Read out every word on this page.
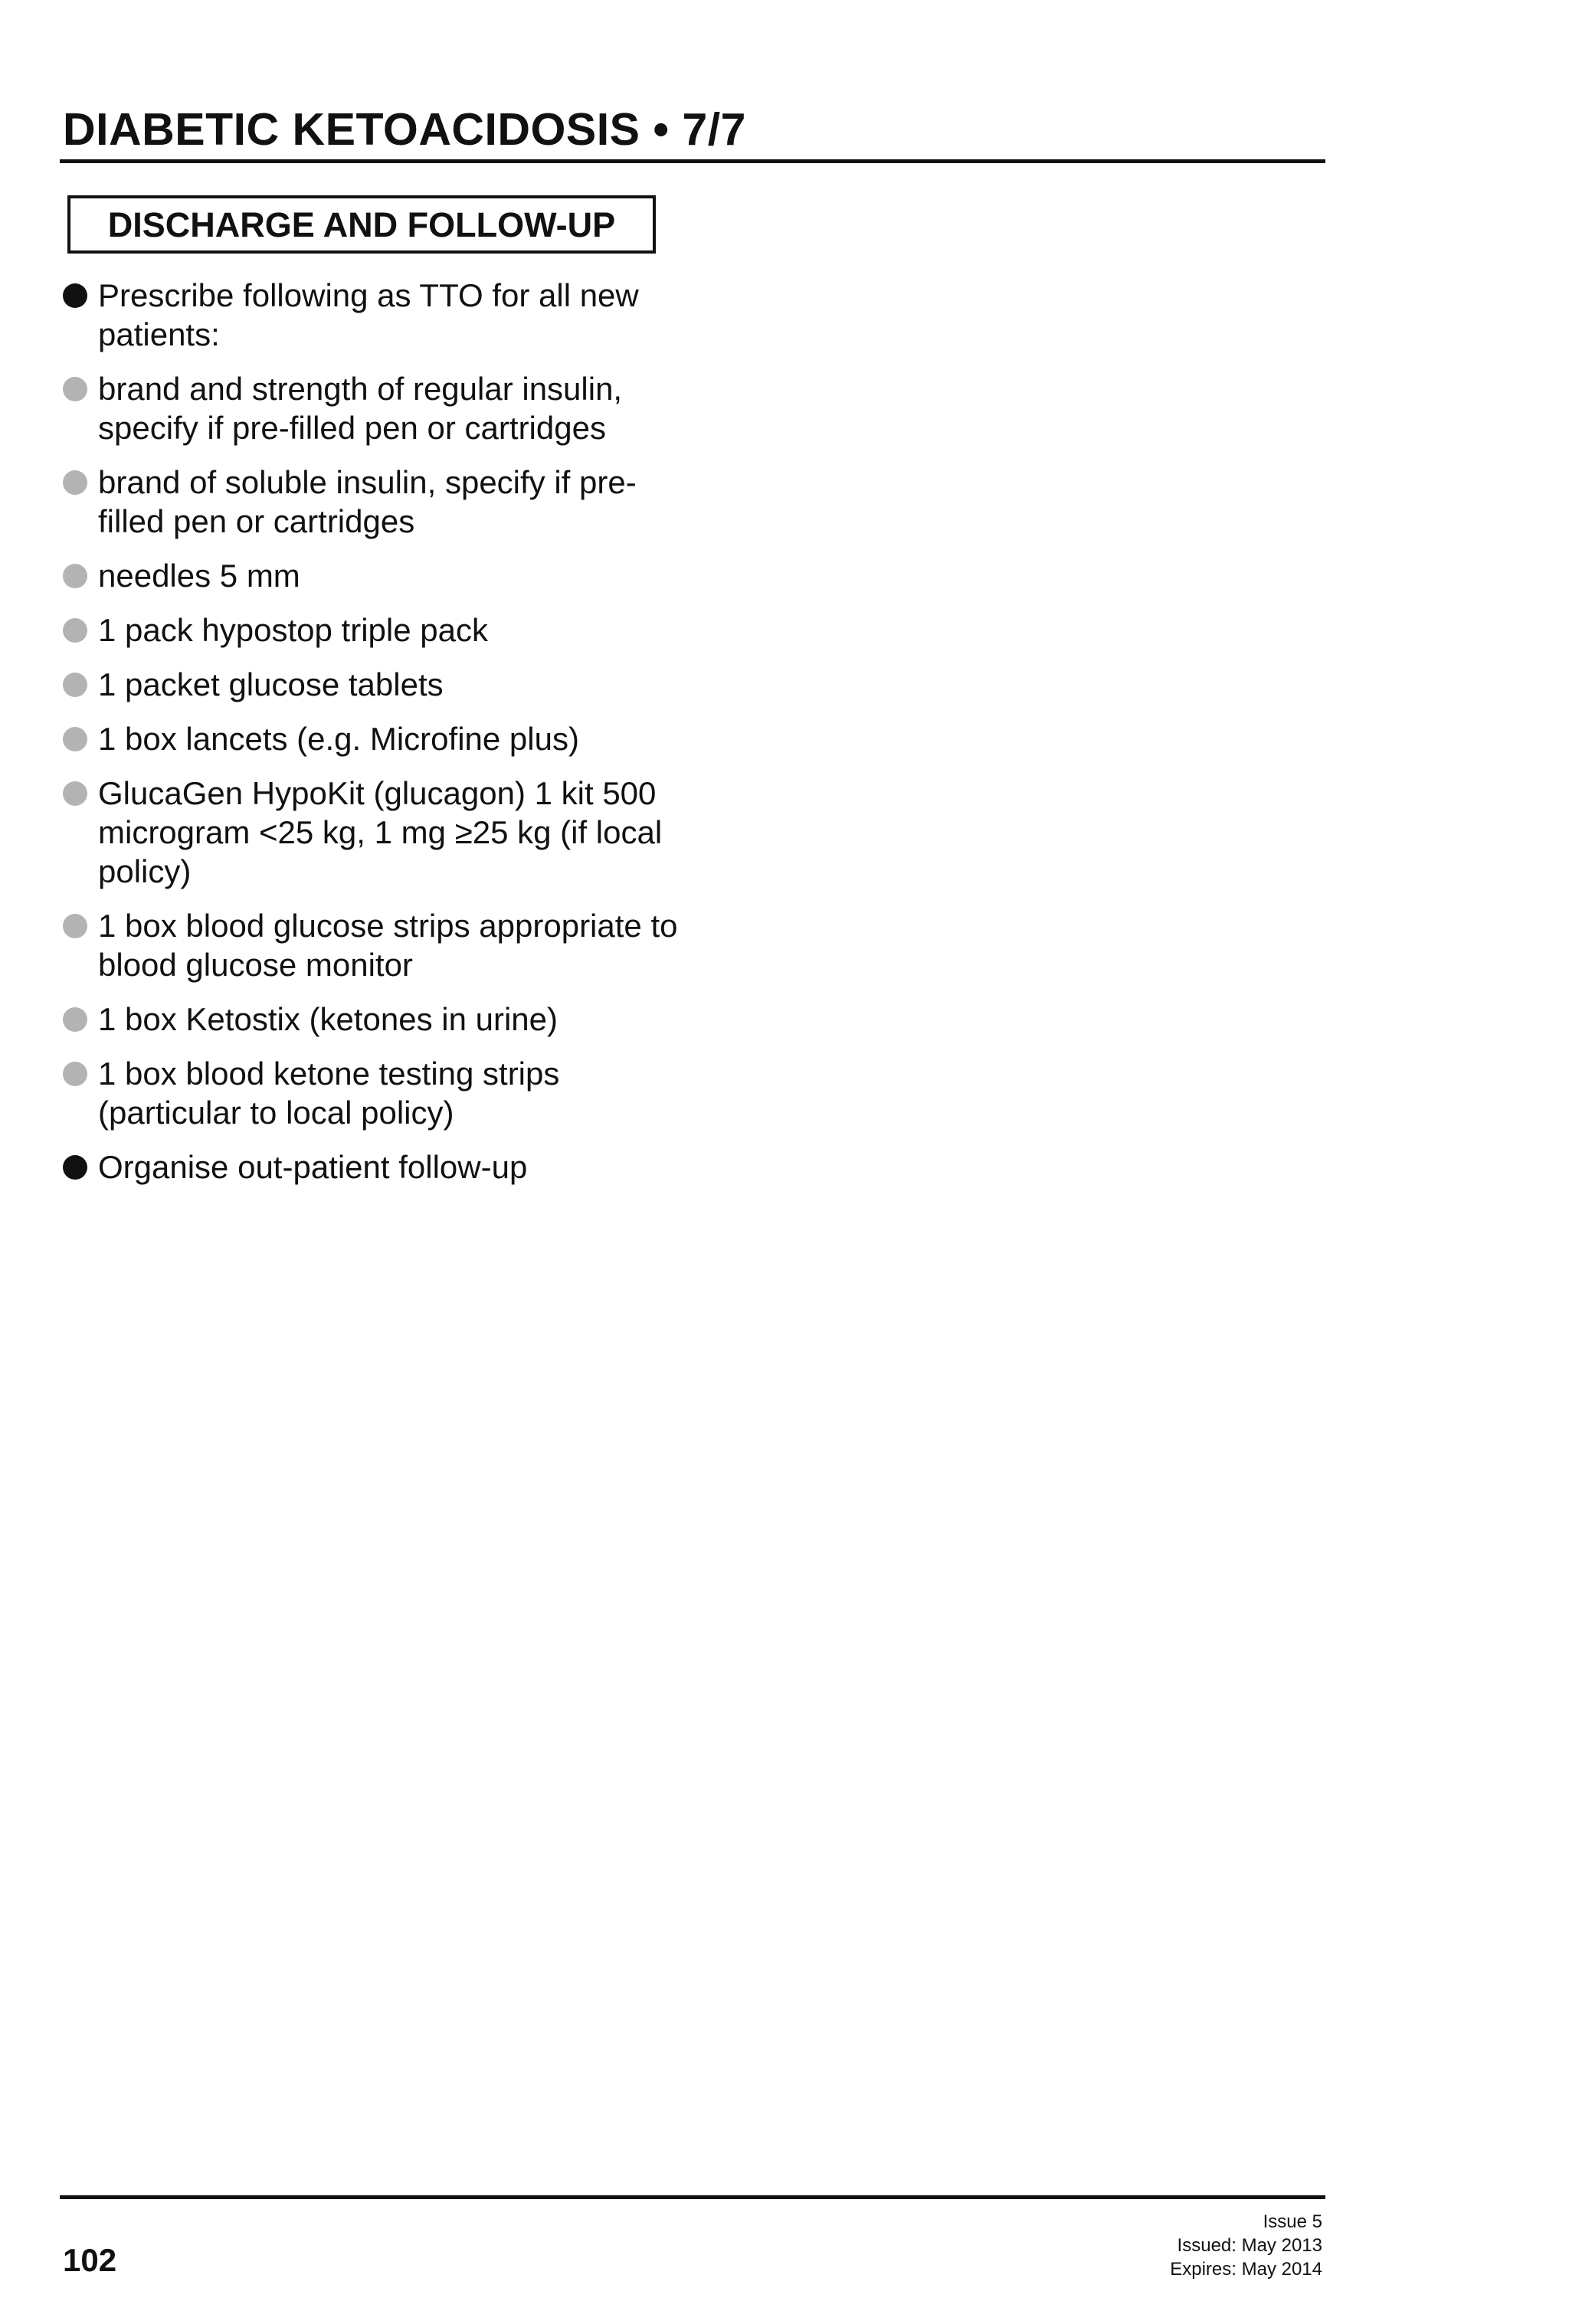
DIABETIC KETOACIDOSIS • 7/7
DISCHARGE AND FOLLOW-UP
Prescribe following as TTO for all new patients:
brand and strength of regular insulin, specify if pre-filled pen or cartridges
brand of soluble insulin, specify if pre-filled pen or cartridges
needles 5 mm
1 pack hypostop triple pack
1 packet glucose tablets
1 box lancets (e.g. Microfine plus)
GlucaGen HypoKit (glucagon) 1 kit 500 microgram <25 kg, 1 mg ≥25 kg (if local policy)
1 box blood glucose strips appropriate to blood glucose monitor
1 box Ketostix (ketones in urine)
1 box blood ketone testing strips (particular to local policy)
Organise out-patient follow-up
102
Issue 5
Issued: May 2013
Expires: May 2014
